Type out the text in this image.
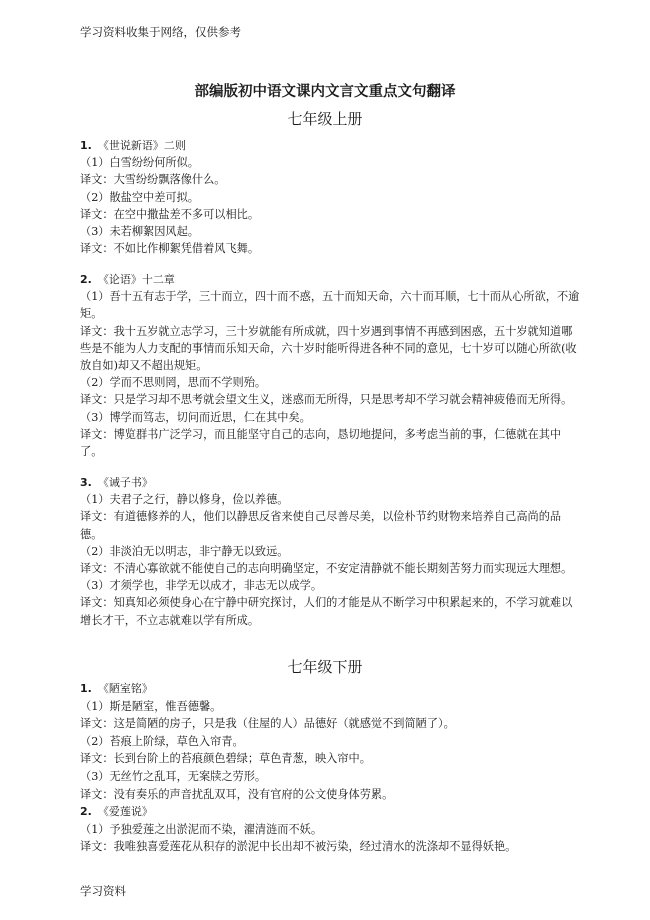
学习资料收集于网络，仅供参考
部编版初中语文课内文言文重点文句翻译
七年级上册
1. 《世说新语》二则
（1）白雪纷纷何所似。
译文：大雪纷纷飘落像什么。
（2）散盐空中差可拟。
译文：在空中撒盐差不多可以相比。
（3）未若柳絮因风起。
译文：不如比作柳絮凭借着风飞舞。
2. 《论语》十二章
（1）吾十五有志于学，三十而立，四十而不惑，五十而知天命，六十而耳顺，七十而从心所欲，不逾矩。
译文：我十五岁就立志学习，三十岁就能有所成就，四十岁遇到事情不再感到困惑，五十岁就知道哪些是不能为人力支配的事情而乐知天命，六十岁时能听得进各种不同的意见，七十岁可以随心所欲(收放自如)却又不超出规矩。
（2）学而不思则罔，思而不学则殆。
译文：只是学习却不思考就会望文生义，迷惑而无所得，只是思考却不学习就会精神疲倦而无所得。
（3）博学而笃志，切问而近思，仁在其中矣。
译文：博览群书广泛学习，而且能坚守自己的志向，恳切地提问，多考虑当前的事，仁德就在其中了。
3. 《诫子书》
（1）夫君子之行，静以修身，俭以养德。
译文：有道德修养的人，他们以静思反省来使自己尽善尽美，以俭朴节约财物来培养自己高尚的品德。
（2）非淡泊无以明志，非宁静无以致远。
译文：不清心寡欲就不能使自己的志向明确坚定，不安定清静就不能长期刻苦努力而实现远大理想。
（3）才须学也，非学无以成才，非志无以成学。
译文：知真知必须使身心在宁静中研究探讨，人们的才能是从不断学习中积累起来的，不学习就难以增长才干，不立志就难以学有所成。
七年级下册
1. 《陋室铭》
（1）斯是陋室，惟吾德馨。
译文：这是简陋的房子，只是我（住屋的人）品德好（就感觉不到简陋了）。
（2）苔痕上阶绿，草色入帘青。
译文：长到台阶上的苔痕颜色碧绿；草色青葱，映入帘中。
（3）无丝竹之乱耳，无案牍之劳形。
译文：没有奏乐的声音扰乱双耳，没有官府的公文使身体劳累。
2. 《爱莲说》
（1）予独爱莲之出淤泥而不染，濯清涟而不妖。
译文：我唯独喜爱莲花从积存的淤泥中长出却不被污染，经过清水的洗涤却不显得妖艳。
学习资料
